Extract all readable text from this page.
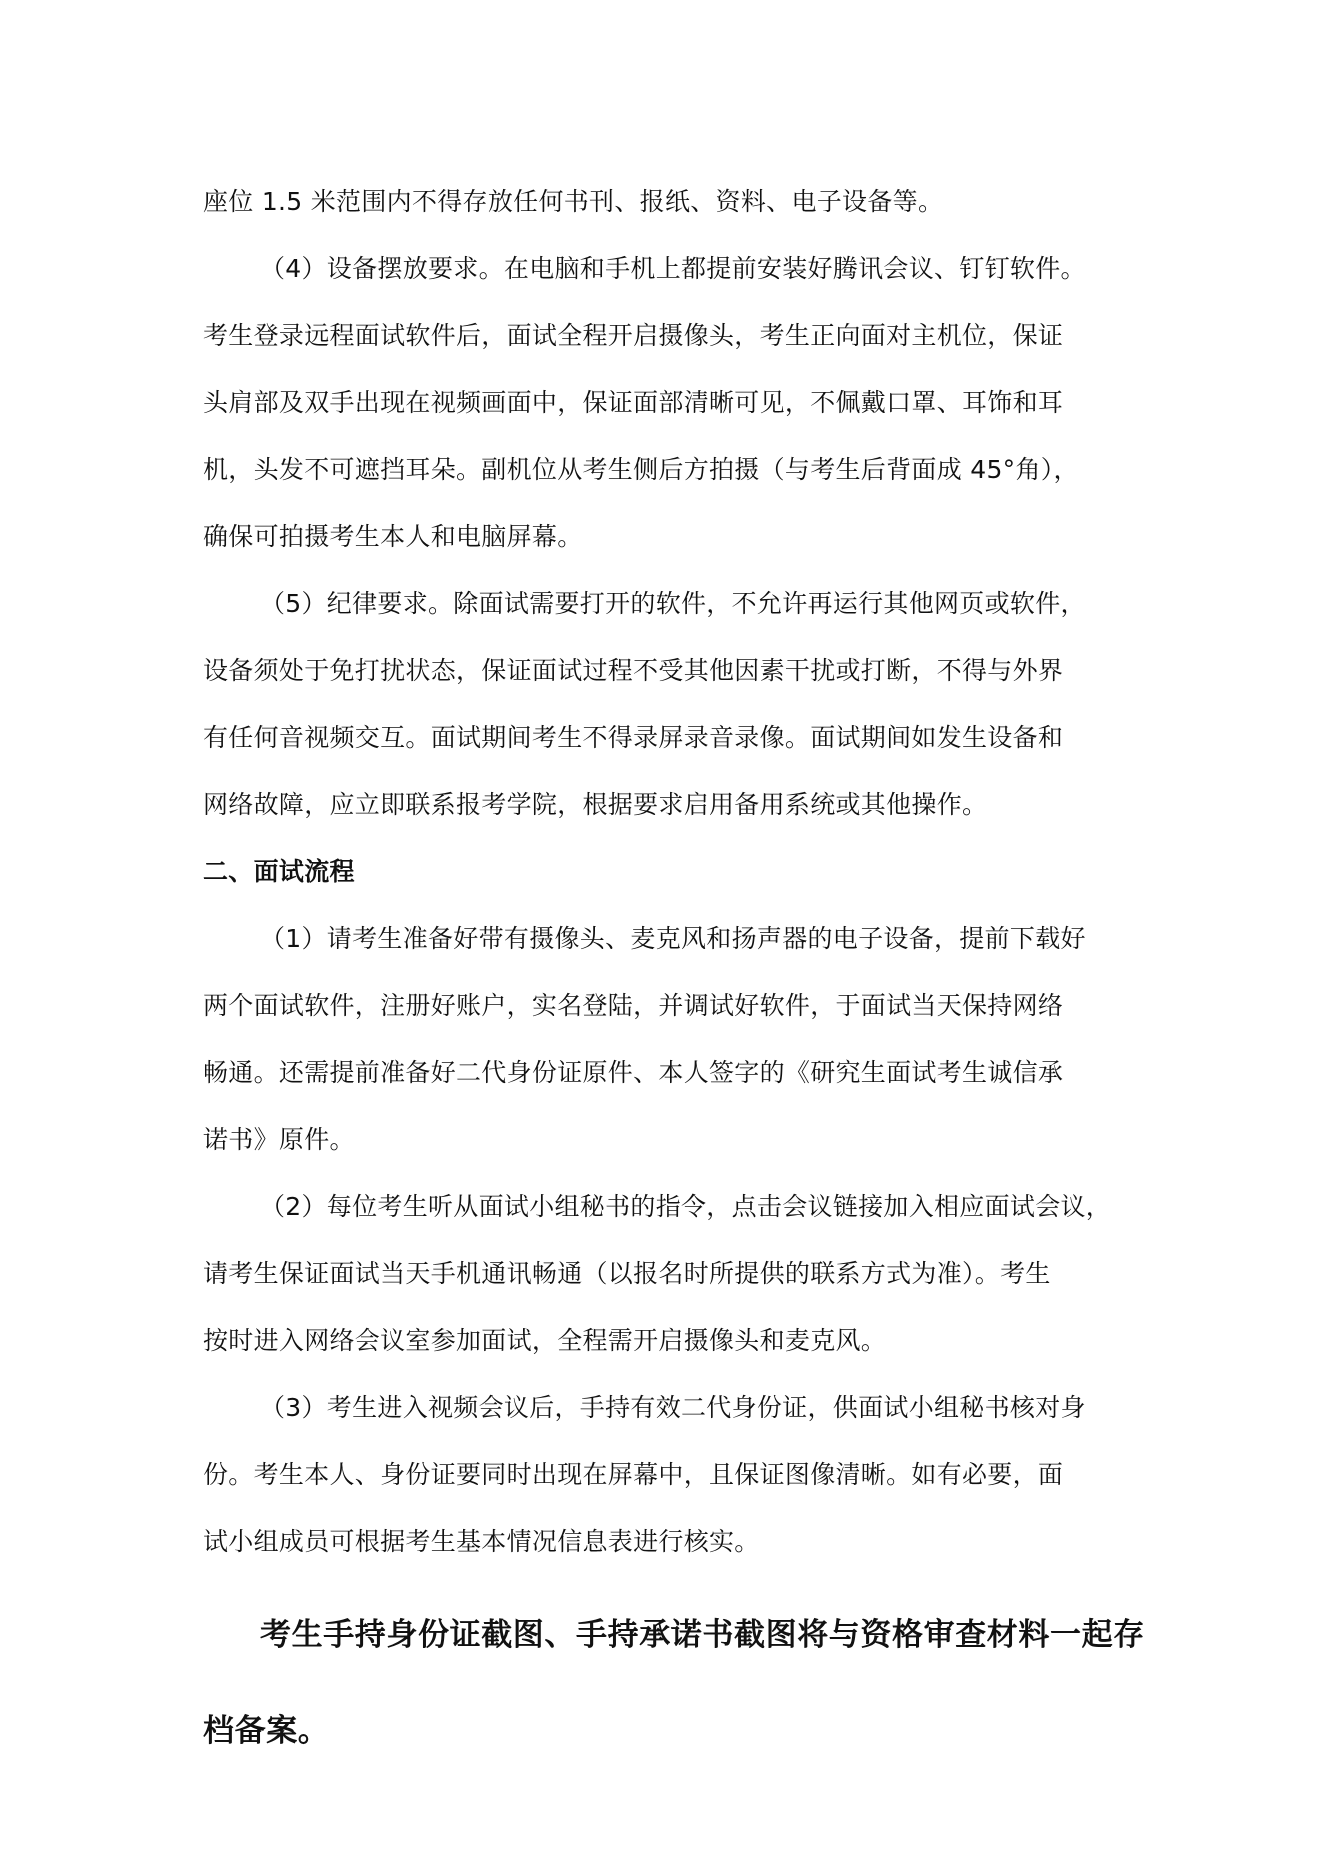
座位 1.5 米范围内不得存放任何书刊、报纸、资料、电子设备等。
（4）设备摆放要求。在电脑和手机上都提前安装好腾讯会议、钉钉软件。
考生登录远程面试软件后，面试全程开启摄像头，考生正向面对主机位，保证
头肩部及双手出现在视频画面中，保证面部清晰可见，不佩戴口罩、耳饰和耳
机，头发不可遮挡耳朵。副机位从考生侧后方拍摄（与考生后背面成 45°角），
确保可拍摄考生本人和电脑屏幕。
（5）纪律要求。除面试需要打开的软件，不允许再运行其他网页或软件，
设备须处于免打扰状态，保证面试过程不受其他因素干扰或打断，不得与外界
有任何音视频交互。面试期间考生不得录屏录音录像。面试期间如发生设备和
网络故障，应立即联系报考学院，根据要求启用备用系统或其他操作。
二、面试流程
（1）请考生准备好带有摄像头、麦克风和扬声器的电子设备，提前下载好
两个面试软件，注册好账户，实名登陆，并调试好软件，于面试当天保持网络
畅通。还需提前准备好二代身份证原件、本人签字的《研究生面试考生诚信承
诺书》原件。
（2）每位考生听从面试小组秘书的指令，点击会议链接加入相应面试会议，
请考生保证面试当天手机通讯畅通（以报名时所提供的联系方式为准）。考生
按时进入网络会议室参加面试，全程需开启摄像头和麦克风。
（3）考生进入视频会议后，手持有效二代身份证，供面试小组秘书核对身
份。考生本人、身份证要同时出现在屏幕中，且保证图像清晰。如有必要，面
试小组成员可根据考生基本情况信息表进行核实。
考生手持身份证截图、手持承诺书截图将与资格审查材料一起存
档备案。
